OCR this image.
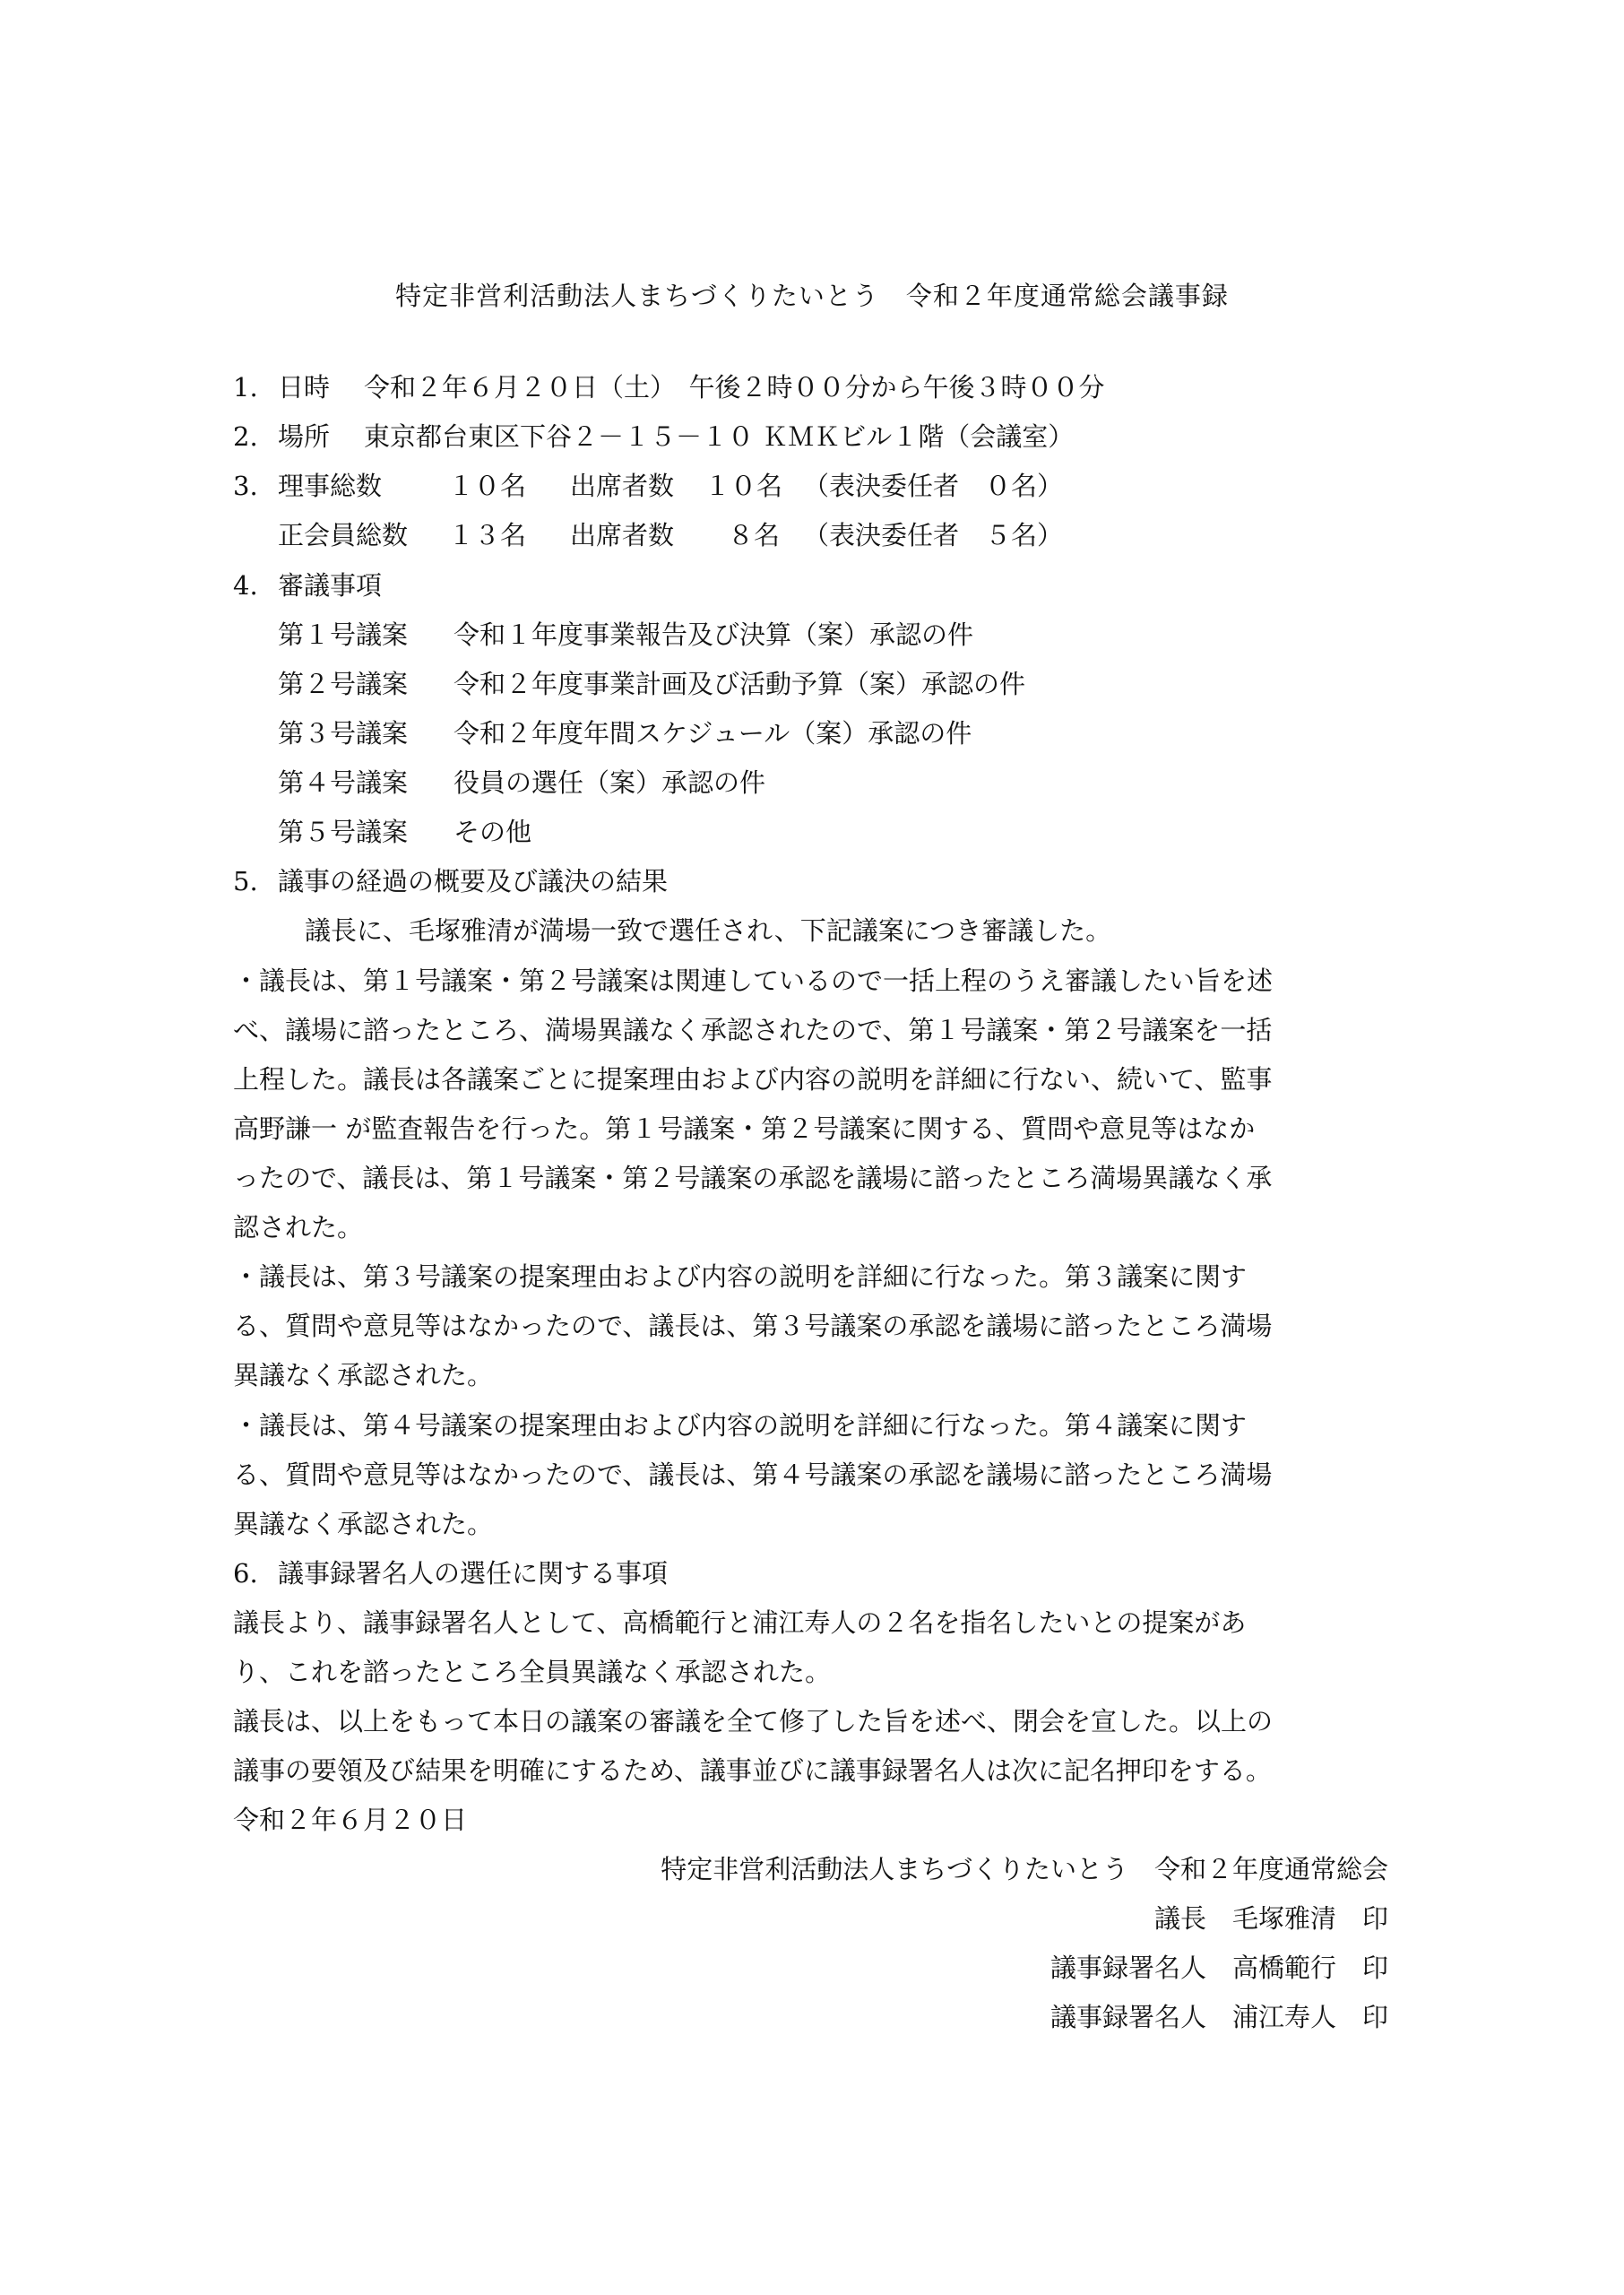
特定非営利活動法人まちづくりたいとう　令和２年度通常総会議事録
1. 日時 令和２年６月２０日（土）　午後２時００分から午後３時００分
2. 場所 東京都台東区下谷２－１５－１０ ＫＭＫビル１階（会議室）
3. 理事総数	１０名 出席者数 １０名 （表決委任者　０名）
正会員総数 １３名 出席者数 ８名 （表決委任者　５名）
4. 審議事項
第１号議案 令和１年度事業報告及び決算（案）承認の件
第２号議案 令和２年度事業計画及び活動予算（案）承認の件
第３号議案 令和２年度年間スケジュール（案）承認の件
第４号議案 役員の選任（案）承認の件
第５号議案 その他
5. 議事の経過の概要及び議決の結果
議長に、毛塚雅清が満場一致で選任され、下記議案につき審議した。
・議長は、第１号議案・第２号議案は関連しているので一括上程のうえ審議したい旨を述
べ、議場に諮ったところ、満場異議なく承認されたので、第１号議案・第２号議案を一括
上程した。議長は各議案ごとに提案理由および内容の説明を詳細に行ない、続いて、監事
高野謙一 が監査報告を行った。第１号議案・第２号議案に関する、質問や意見等はなか
ったので、議長は、第１号議案・第２号議案の承認を議場に諮ったところ満場異議なく承
認された。
・議長は、第３号議案の提案理由および内容の説明を詳細に行なった。第３議案に関す
る、質問や意見等はなかったので、議長は、第３号議案の承認を議場に諮ったところ満場
異議なく承認された。
・議長は、第４号議案の提案理由および内容の説明を詳細に行なった。第４議案に関す
る、質問や意見等はなかったので、議長は、第４号議案の承認を議場に諮ったところ満場
異議なく承認された。
6. 議事録署名人の選任に関する事項
議長より、議事録署名人として、高橋範行と浦江寿人の２名を指名したいとの提案があ
り、これを諮ったところ全員異議なく承認された。
議長は、以上をもって本日の議案の審議を全て修了した旨を述べ、閉会を宣した。以上の
議事の要領及び結果を明確にするため、議事並びに議事録署名人は次に記名押印をする。
令和２年６月２０日
特定非営利活動法人まちづくりたいとう　令和２年度通常総会
議長　毛塚雅清　印
議事録署名人　高橋範行　印
議事録署名人　浦江寿人　印
